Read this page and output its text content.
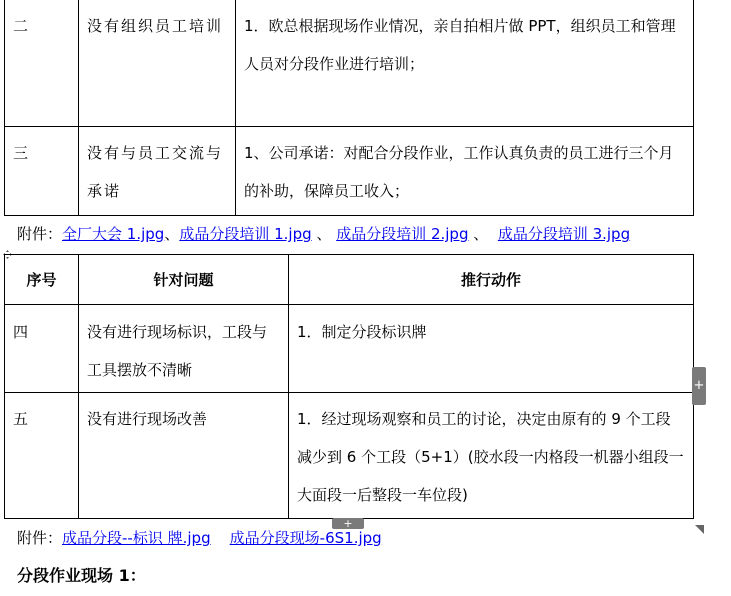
二	没有组织员工培训	1．欧总根据现场作业情况，亲自拍相片做 PPT，组织员工和管理人员对分段作业进行培训；

三	没有与员工交流与承诺	1、公司承诺：对配合分段作业，工作认真负责的员工进行三个月的补助，保障员工收入；
附件：全厂大会 1.jpg、成品分段培训 1.jpg 、 成品分段培训 2.jpg 、  成品分段培训 3.jpg
序号	针对问题	推行动作

四	没有进行现场标识，工段与工具摆放不清晰	1．制定分段标识牌

五	没有进行现场改善	1．经过现场观察和员工的讨论，决定由原有的 9 个工段减少到 6 个工段（5+1）(胶水段一内格段一机器小组段一大面段一后整段一车位段)
+
+
附件：成品分段--标识 牌.jpg 成品分段现场-6S1.jpg
分段作业现场 1：
